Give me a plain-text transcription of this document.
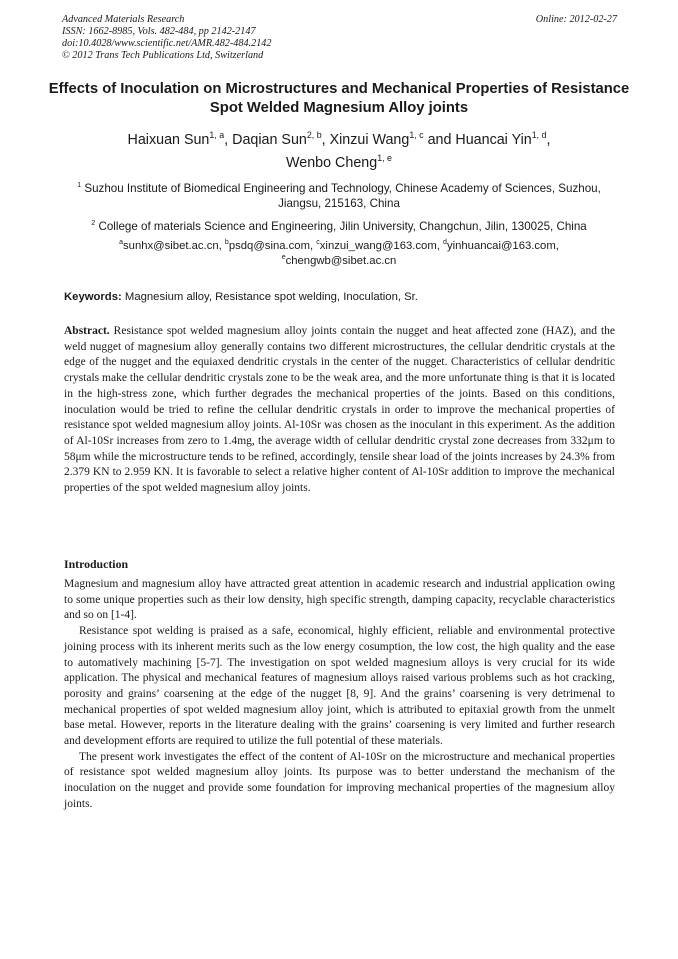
Advanced Materials Research
ISSN: 1662-8985, Vols. 482-484, pp 2142-2147
doi:10.4028/www.scientific.net/AMR.482-484.2142
© 2012 Trans Tech Publications Ltd, Switzerland
Online: 2012-02-27
Effects of Inoculation on Microstructures and Mechanical Properties of Resistance Spot Welded Magnesium Alloy joints
Haixuan Sun$^{1, a}$, Daqian Sun$^{2, b}$, Xinzui Wang$^{1, c}$ and Huancai Yin$^{1, d}$,
Wenbo Cheng$^{1, e}$
$^1$ Suzhou Institute of Biomedical Engineering and Technology, Chinese Academy of Sciences, Suzhou, Jiangsu, 215163, China
$^2$ College of materials Science and Engineering, Jilin University, Changchun, Jilin, 130025, China
$^a$sunhx@sibet.ac.cn, $^b$psdq@sina.com, $^c$xinzui_wang@163.com, $^d$yinhuancai@163.com,
$^e$chengwb@sibet.ac.cn
Keywords: Magnesium alloy, Resistance spot welding, Inoculation, Sr.

Abstract. Resistance spot welded magnesium alloy joints contain the nugget and heat affected zone (HAZ), and the weld nugget of magnesium alloy generally contains two different microstructures, the cellular dendritic crystals at the edge of the nugget and the equiaxed dendritic crystals in the center of the nugget. Characteristics of cellular dendritic crystals make the cellular dendritic crystals zone to be the weak area, and the more unfortunate thing is that it is located in the high-stress zone, which further degrades the mechanical properties of the joints. Based on this conditions, inoculation would be tried to refine the cellular dendritic crystals in order to improve the mechanical properties of resistance spot welded magnesium alloy joints. Al-10Sr was chosen as the inoculant in this experiment. As the addition of Al-10Sr increases from zero to 1.4mg, the average width of cellular dendritic crystal zone decreases from 332μm to 58μm while the microstructure tends to be refined, accordingly, tensile shear load of the joints increases by 24.3% from 2.379 KN to 2.959 KN. It is favorable to select a relative higher content of Al-10Sr addition to improve the mechanical properties of the spot welded magnesium alloy joints.

Introduction

Magnesium and magnesium alloy have attracted great attention in academic research and industrial application owing to some unique properties such as their low density, high specific strength, damping capacity, recyclable characteristics and so on [1-4].

Resistance spot welding is praised as a safe, economical, highly efficient, reliable and environmental protective joining process with its inherent merits such as the low energy cosumption, the low cost, the high quality and the ease to automatively machining [5-7]. The investigation on spot welded magnesium alloys is very crucial for its wide application. The physical and mechanical features of magnesium alloys raised various problems such as hot cracking, porosity and grains’ coarsening at the edge of the nugget [8, 9]. And the grains’ coarsening is very detrimenal to mechanical properties of spot welded magnesium alloy joint, which is attributed to epitaxial growth from the unmelt base metal. However, reports in the literature dealing with the grains’ coarsening is very limited and further research and development efforts are required to utilize the full potential of these materials.

The present work investigates the effect of the content of Al-10Sr on the microstructure and mechanical properties of resistance spot welded magnesium alloy joints. Its purpose was to better understand the mechanism of the inoculation on the nugget and provide some foundation for improving mechanical properties of the magnesium alloy joints.
